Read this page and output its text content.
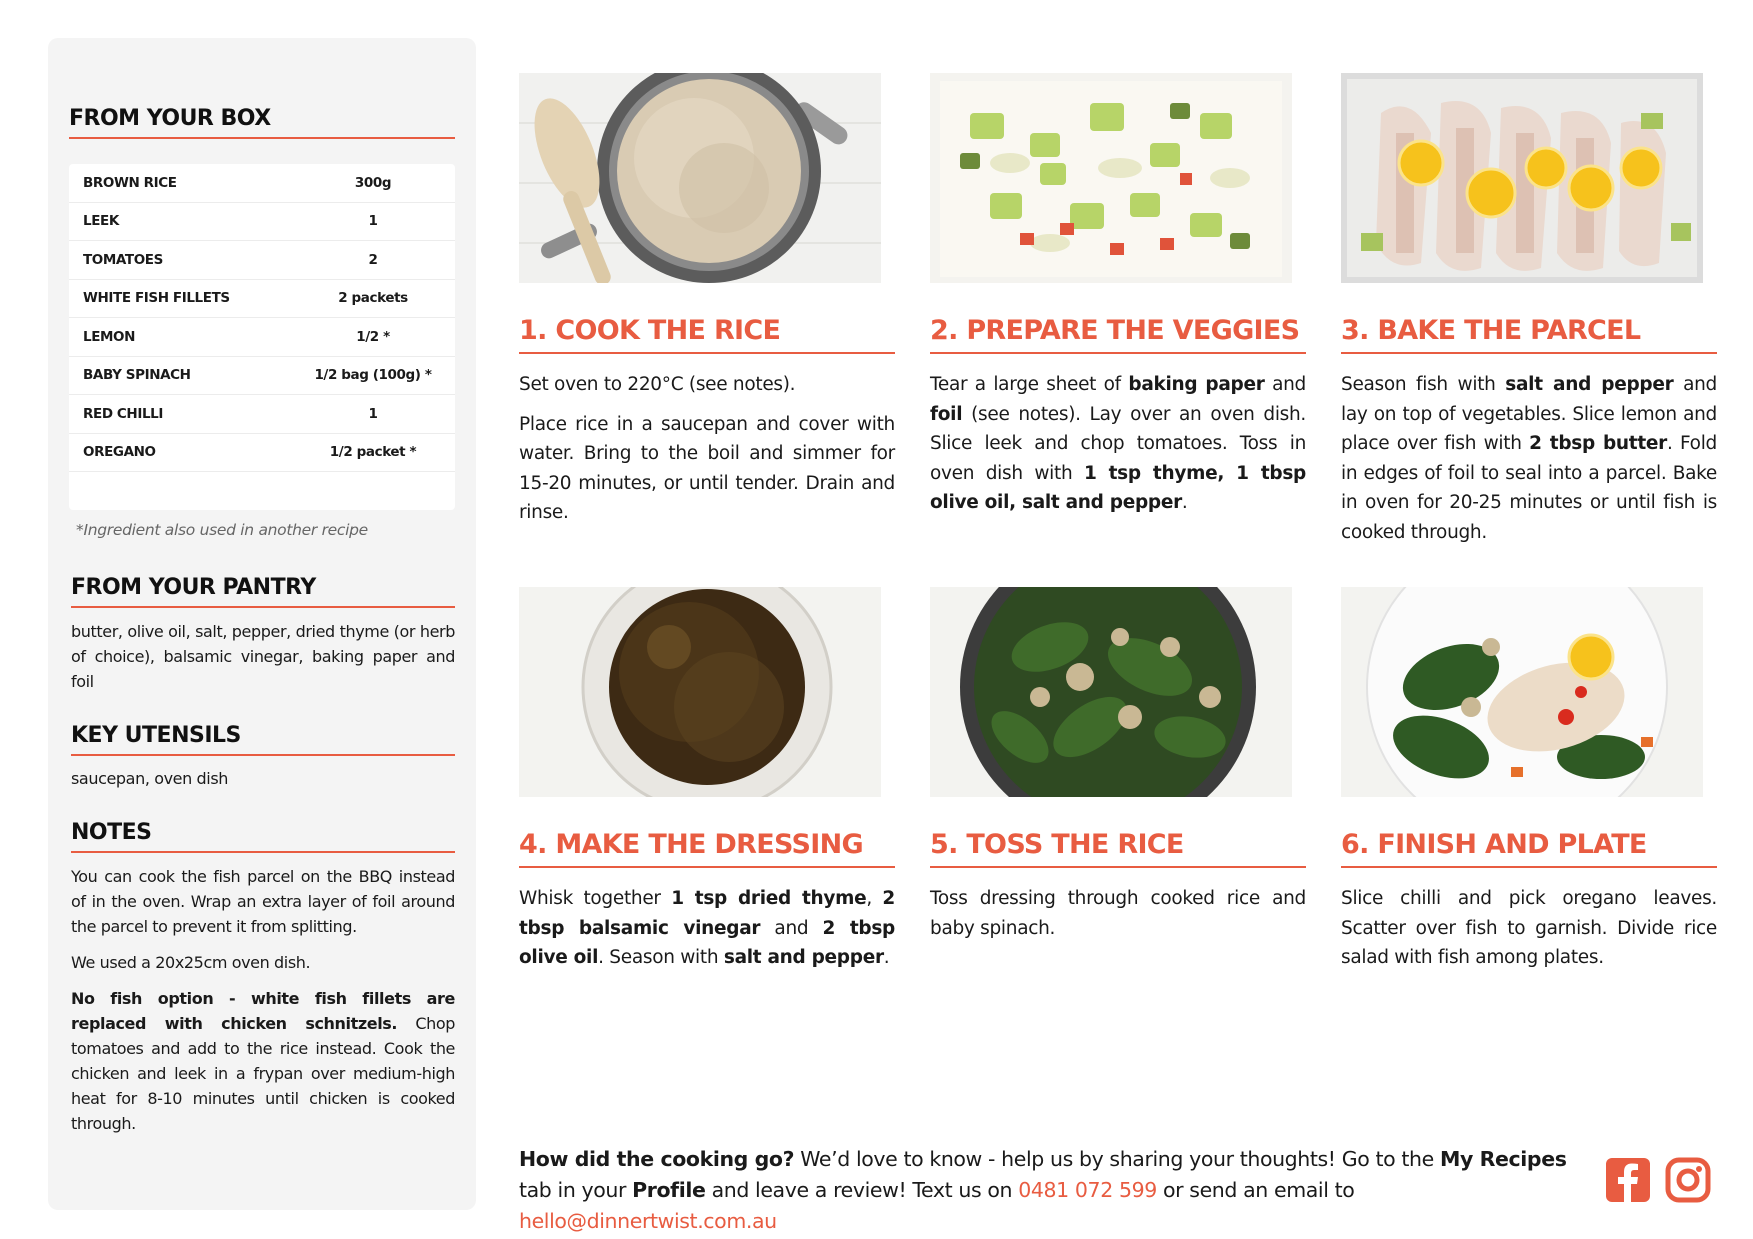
FROM YOUR BOX
BROWN RICE	300g
LEEK	1
TOMATOES	2
WHITE FISH FILLETS	2 packets
LEMON	1/2 *
BABY SPINACH	1/2 bag (100g) *
RED CHILLI	1
OREGANO	1/2 packet *
*Ingredient also used in another recipe
FROM YOUR PANTRY
butter, olive oil, salt, pepper, dried thyme (or herb of choice), balsamic vinegar, baking paper and foil
KEY UTENSILS
saucepan, oven dish
NOTES

You can cook the fish parcel on the BBQ instead of in the oven. Wrap an extra layer of foil around the parcel to prevent it from splitting.

We used a 20x25cm oven dish.

No fish option - white fish fillets are replaced with chicken schnitzels. Chop tomatoes and add to the rice instead. Cook the chicken and leek in a frypan over medium-high heat for 8-10 minutes until chicken is cooked through.

1. COOK THE RICE

Set oven to 220°C (see notes).

Place rice in a saucepan and cover with water. Bring to the boil and simmer for 15-20 minutes, or until tender. Drain and rinse.

2. PREPARE THE VEGGIES

Tear a large sheet of baking paper and foil (see notes). Lay over an oven dish. Slice leek and chop tomatoes. Toss in oven dish with 1 tsp thyme, 1 tbsp olive oil, salt and pepper.

3. BAKE THE PARCEL

Season fish with salt and pepper and lay on top of vegetables. Slice lemon and place over fish with 2 tbsp butter. Fold in edges of foil to seal into a parcel. Bake in oven for 20-25 minutes or until fish is cooked through.

4. MAKE THE DRESSING

Whisk together 1 tsp dried thyme, 2 tbsp balsamic vinegar and 2 tbsp olive oil. Season with salt and pepper.

5. TOSS THE RICE

Toss dressing through cooked rice and baby spinach.

6. FINISH AND PLATE

Slice chilli and pick oregano leaves. Scatter over fish to garnish. Divide rice salad with fish among plates.

How did the cooking go? We’d love to know - help us by sharing your thoughts! Go to the My Recipes tab in your Profile and leave a review! Text us on 0481 072 599 or send an email to hello@dinnertwist.com.au
